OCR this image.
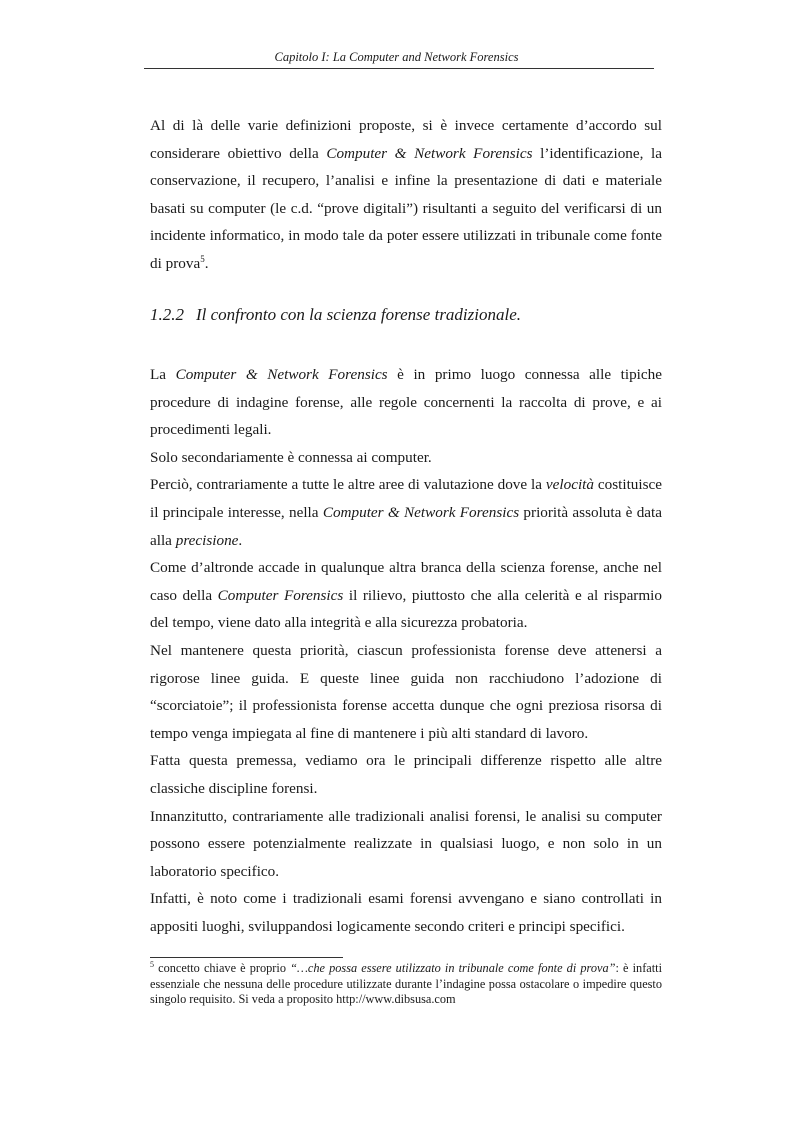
Capitolo I: La Computer and Network Forensics
Al di là delle varie definizioni proposte, si è invece certamente d’accordo sul considerare obiettivo della Computer & Network Forensics l’identificazione, la conservazione, il recupero, l’analisi e infine la presentazione di dati e materiale basati su computer (le c.d. “prove digitali”) risultanti a seguito del verificarsi di un incidente informatico, in modo tale da poter essere utilizzati in tribunale come fonte di prova$^5$.
1.2.2 Il confronto con la scienza forense tradizionale.

La Computer & Network Forensics è in primo luogo connessa alle tipiche procedure di indagine forense, alle regole concernenti la raccolta di prove, e ai procedimenti legali.

Solo secondariamente è connessa ai computer.

Perciò, contrariamente a tutte le altre aree di valutazione dove la velocità costituisce il principale interesse, nella Computer & Network Forensics priorità assoluta è data alla precisione.

Come d’altronde accade in qualunque altra branca della scienza forense, anche nel caso della Computer Forensics il rilievo, piuttosto che alla celerità e al risparmio del tempo, viene dato alla integrità e alla sicurezza probatoria.

Nel mantenere questa priorità, ciascun professionista forense deve attenersi a rigorose linee guida. E queste linee guida non racchiudono l’adozione di “scorciatoie”; il professionista forense accetta dunque che ogni preziosa risorsa di tempo venga impiegata al fine di mantenere i più alti standard di lavoro.

Fatta questa premessa, vediamo ora le principali differenze rispetto alle altre classiche discipline forensi.

Innanzitutto, contrariamente alle tradizionali analisi forensi, le analisi su computer possono essere potenzialmente realizzate in qualsiasi luogo, e non solo in un laboratorio specifico.

Infatti, è noto come i tradizionali esami forensi avvengano e siano controllati in appositi luoghi, sviluppandosi logicamente secondo criteri e principi specifici.

$^5$ concetto chiave è proprio “…che possa essere utilizzato in tribunale come fonte di prova”: è infatti essenziale che nessuna delle procedure utilizzate durante l’indagine possa ostacolare o impedire questo singolo requisito. Si veda a proposito http://www.dibsusa.com
